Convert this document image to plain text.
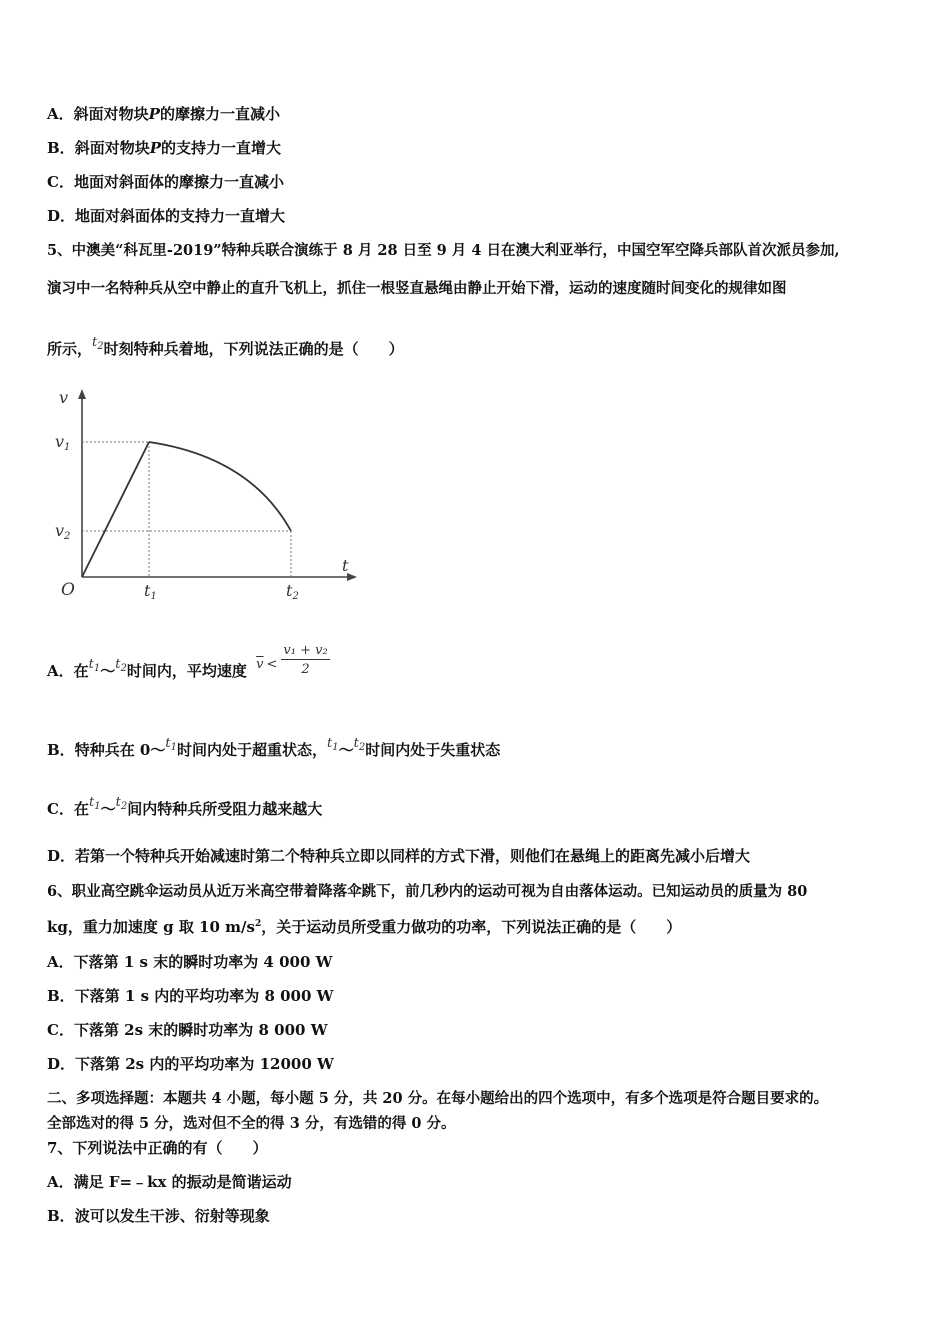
A．斜面对物块P的摩擦力一直减小
B．斜面对物块P的支持力一直增大
C．地面对斜面体的摩擦力一直减小
D．地面对斜面体的支持力一直增大
5、中澳美“科瓦里-2019”特种兵联合演练于 8 月 28 日至 9 月 4 日在澳大利亚举行，中国空军空降兵部队首次派员参加,
演习中一名特种兵从空中静止的直升飞机上，抓住一根竖直悬绳由静止开始下滑，运动的速度随时间变化的规律如图
所示，$t_2$时刻特种兵着地，下列说法正确的是（　　）
v
t
O
v1
v2
t1	t2
A．在$t_1\sim t_2$时间内，平均速度 $\overline{v} < \frac{\text{v₁ + v₂}}{2}$
B．特种兵在 $0\sim t_1$时间内处于超重状态，$t_1\sim t_2$时间内处于失重状态
C．在$t_1\sim t_2$间内特种兵所受阻力越来越大
D．若第一个特种兵开始减速时第二个特种兵立即以同样的方式下滑，则他们在悬绳上的距离先减小后增大
6、职业高空跳伞运动员从近万米高空带着降落伞跳下，前几秒内的运动可视为自由落体运动。已知运动员的质量为 80
kg，重力加速度 g 取 10 $m/s^2$，关于运动员所受重力做功的功率，下列说法正确的是（　　）
A．下落第 1 s 末的瞬时功率为 4 000 W
B．下落第 1 s 内的平均功率为 8 000 W
C．下落第 2s 末的瞬时功率为 8 000 W
D．下落第 2s 内的平均功率为 12000 W
二、多项选择题：本题共 4 小题，每小题 5 分，共 20 分。在每小题给出的四个选项中，有多个选项是符合题目要求的。
全部选对的得 5 分，选对但不全的得 3 分，有选错的得 0 分。
7、下列说法中正确的有（　　）
A．满足 F=﹣kx 的振动是简谐运动
B．波可以发生干涉、衍射等现象
